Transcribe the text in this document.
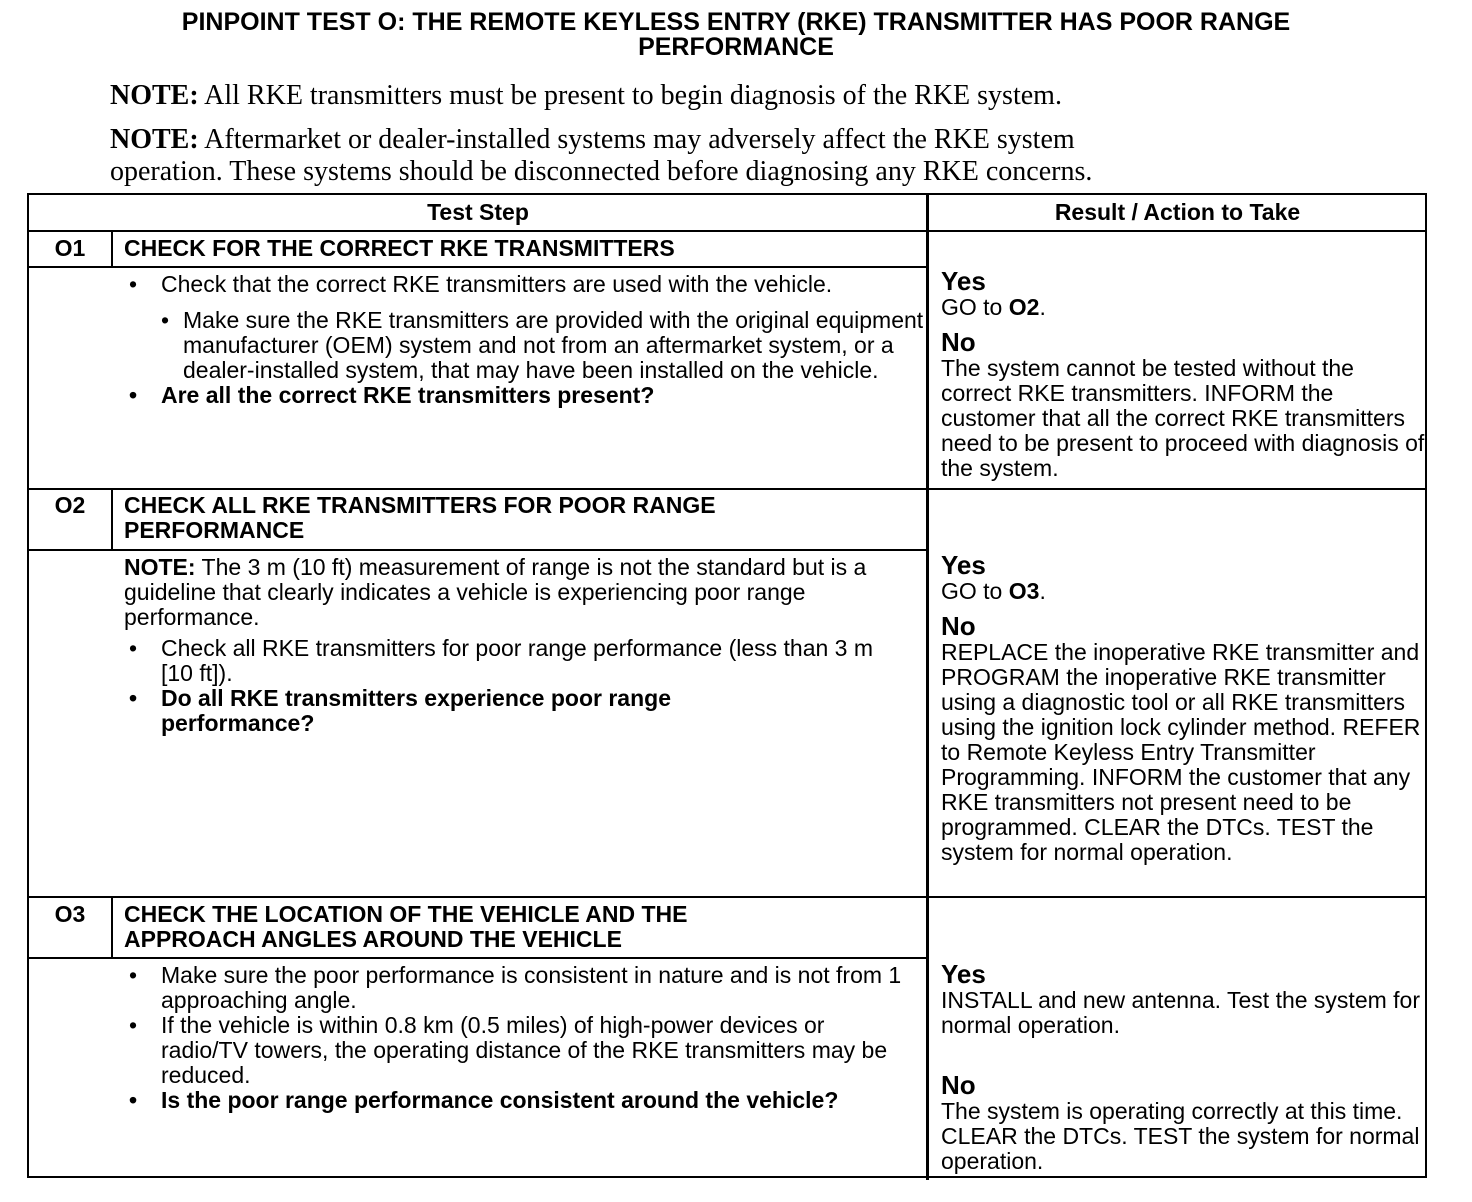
PINPOINT TEST O: THE REMOTE KEYLESS ENTRY (RKE) TRANSMITTER HAS POOR RANGE
PERFORMANCE
NOTE: All RKE transmitters must be present to begin diagnosis of the RKE system.
NOTE: Aftermarket or dealer-installed systems may adversely affect the RKE system
operation. These systems should be disconnected before diagnosing any RKE concerns.
Test Step	Result / Action to Take
O1	CHECK FOR THE CORRECT RKE TRANSMITTERS
• Check that the correct RKE transmitters are used with the vehicle.
• Make sure the RKE transmitters are provided with the original equipment manufacturer (OEM) system and not from an aftermarket system, or a dealer-installed system, that may have been installed on the vehicle.
• Are all the correct RKE transmitters present?

Yes

GO to O2.

No

The system cannot be tested without the correct RKE transmitters. INFORM the customer that all the correct RKE transmitters need to be present to proceed with diagnosis of the system.

O2	CHECK ALL RKE TRANSMITTERS FOR POOR RANGE PERFORMANCE

NOTE: The 3 m (10 ft) measurement of range is not the standard but is a guideline that clearly indicates a vehicle is experiencing poor range performance.

• Check all RKE transmitters for poor range performance (less than 3 m [10 ft]).
• Do all RKE transmitters experience poor range performance?

Yes

GO to O3.

No

REPLACE the inoperative RKE transmitter and PROGRAM the inoperative RKE transmitter using a diagnostic tool or all RKE transmitters using the ignition lock cylinder method. REFER to Remote Keyless Entry Transmitter Programming. INFORM the customer that any RKE transmitters not present need to be programmed. CLEAR the DTCs. TEST the system for normal operation.

O3	CHECK THE LOCATION OF THE VEHICLE AND THE APPROACH ANGLES AROUND THE VEHICLE
• Make sure the poor performance is consistent in nature and is not from 1 approaching angle.
• If the vehicle is within 0.8 km (0.5 miles) of high-power devices or radio/TV towers, the operating distance of the RKE transmitters may be reduced.
• Is the poor range performance consistent around the vehicle?

Yes

INSTALL and new antenna. Test the system for normal operation.

No

The system is operating correctly at this time. CLEAR the DTCs. TEST the system for normal operation.
